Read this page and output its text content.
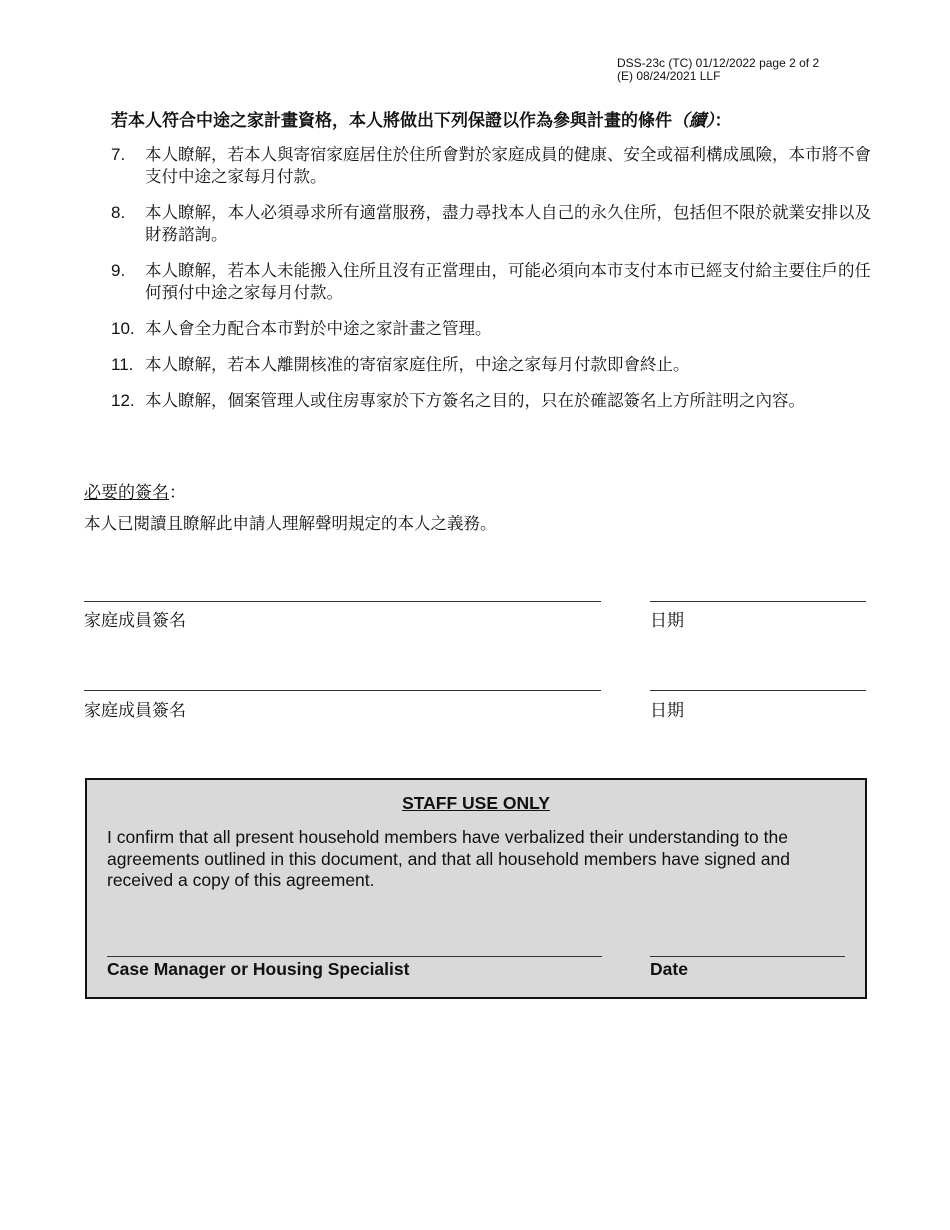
DSS-23c (TC) 01/12/2022 page 2 of 2
(E) 08/24/2021 LLF
若本人符合中途之家計畫資格，本人將做出下列保證以作為參與計畫的條件（續）：
7. 本人瞭解，若本人與寄宿家庭居住於住所會對於家庭成員的健康、安全或福利構成風險，本市將不會支付中途之家每月付款。
8. 本人瞭解，本人必須尋求所有適當服務，盡力尋找本人自己的永久住所，包括但不限於就業安排以及財務諮詢。
9. 本人瞭解，若本人未能搬入住所且沒有正當理由，可能必須向本市支付本市已經支付給主要住戶的任何預付中途之家每月付款。
10. 本人會全力配合本市對於中途之家計畫之管理。
11. 本人瞭解，若本人離開核准的寄宿家庭住所，中途之家每月付款即會終止。
12. 本人瞭解，個案管理人或住房專家於下方簽名之目的，只在於確認簽名上方所註明之內容。
必要的簽名：
本人已閱讀且瞭解此申請人理解聲明規定的本人之義務。
家庭成員簽名	日期
家庭成員簽名	日期
STAFF USE ONLY
I confirm that all present household members have verbalized their understanding to the agreements outlined in this document, and that all household members have signed and received a copy of this agreement.
Case Manager or Housing Specialist	Date
